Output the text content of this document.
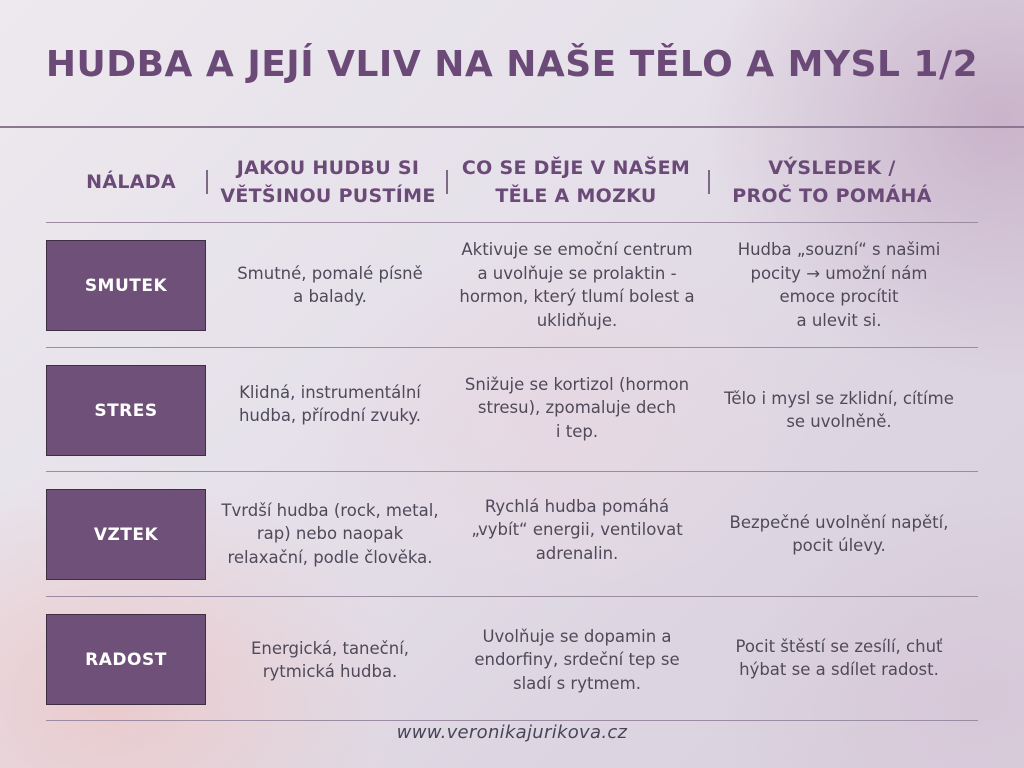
HUDBA A JEJÍ VLIV NA NAŠE TĚLO A MYSL 1/2
NÁLADA
JAKOU HUDBU SI
VĚTŠINOU PUSTÍME
CO SE DĚJE V NAŠEM
TĚLE A MOZKU
VÝSLEDEK /
PROČ TO POMÁHÁ
SMUTEK
Smutné, pomalé písně
a balady.
Aktivuje se emoční centrum
a uvolňuje se prolaktin -
hormon, který tlumí bolest a
uklidňuje.
Hudba „souzní“ s našimi
pocity → umožní nám
emoce procítit
a ulevit si.
STRES
Klidná, instrumentální
hudba, přírodní zvuky.
Snižuje se kortizol (hormon
stresu), zpomaluje dech
i tep.
Tělo i mysl se zklidní, cítíme
se uvolněně.
VZTEK
Tvrdší hudba (rock, metal,
rap) nebo naopak
relaxační, podle člověka.
Rychlá hudba pomáhá
„vybít“ energii, ventilovat
adrenalin.
Bezpečné uvolnění napětí,
pocit úlevy.
RADOST
Energická, taneční,
rytmická hudba.
Uvolňuje se dopamin a
endorfiny, srdeční tep se
sladí s rytmem.
Pocit štěstí se zesílí, chuť
hýbat se a sdílet radost.
www.veronikajurikova.cz
